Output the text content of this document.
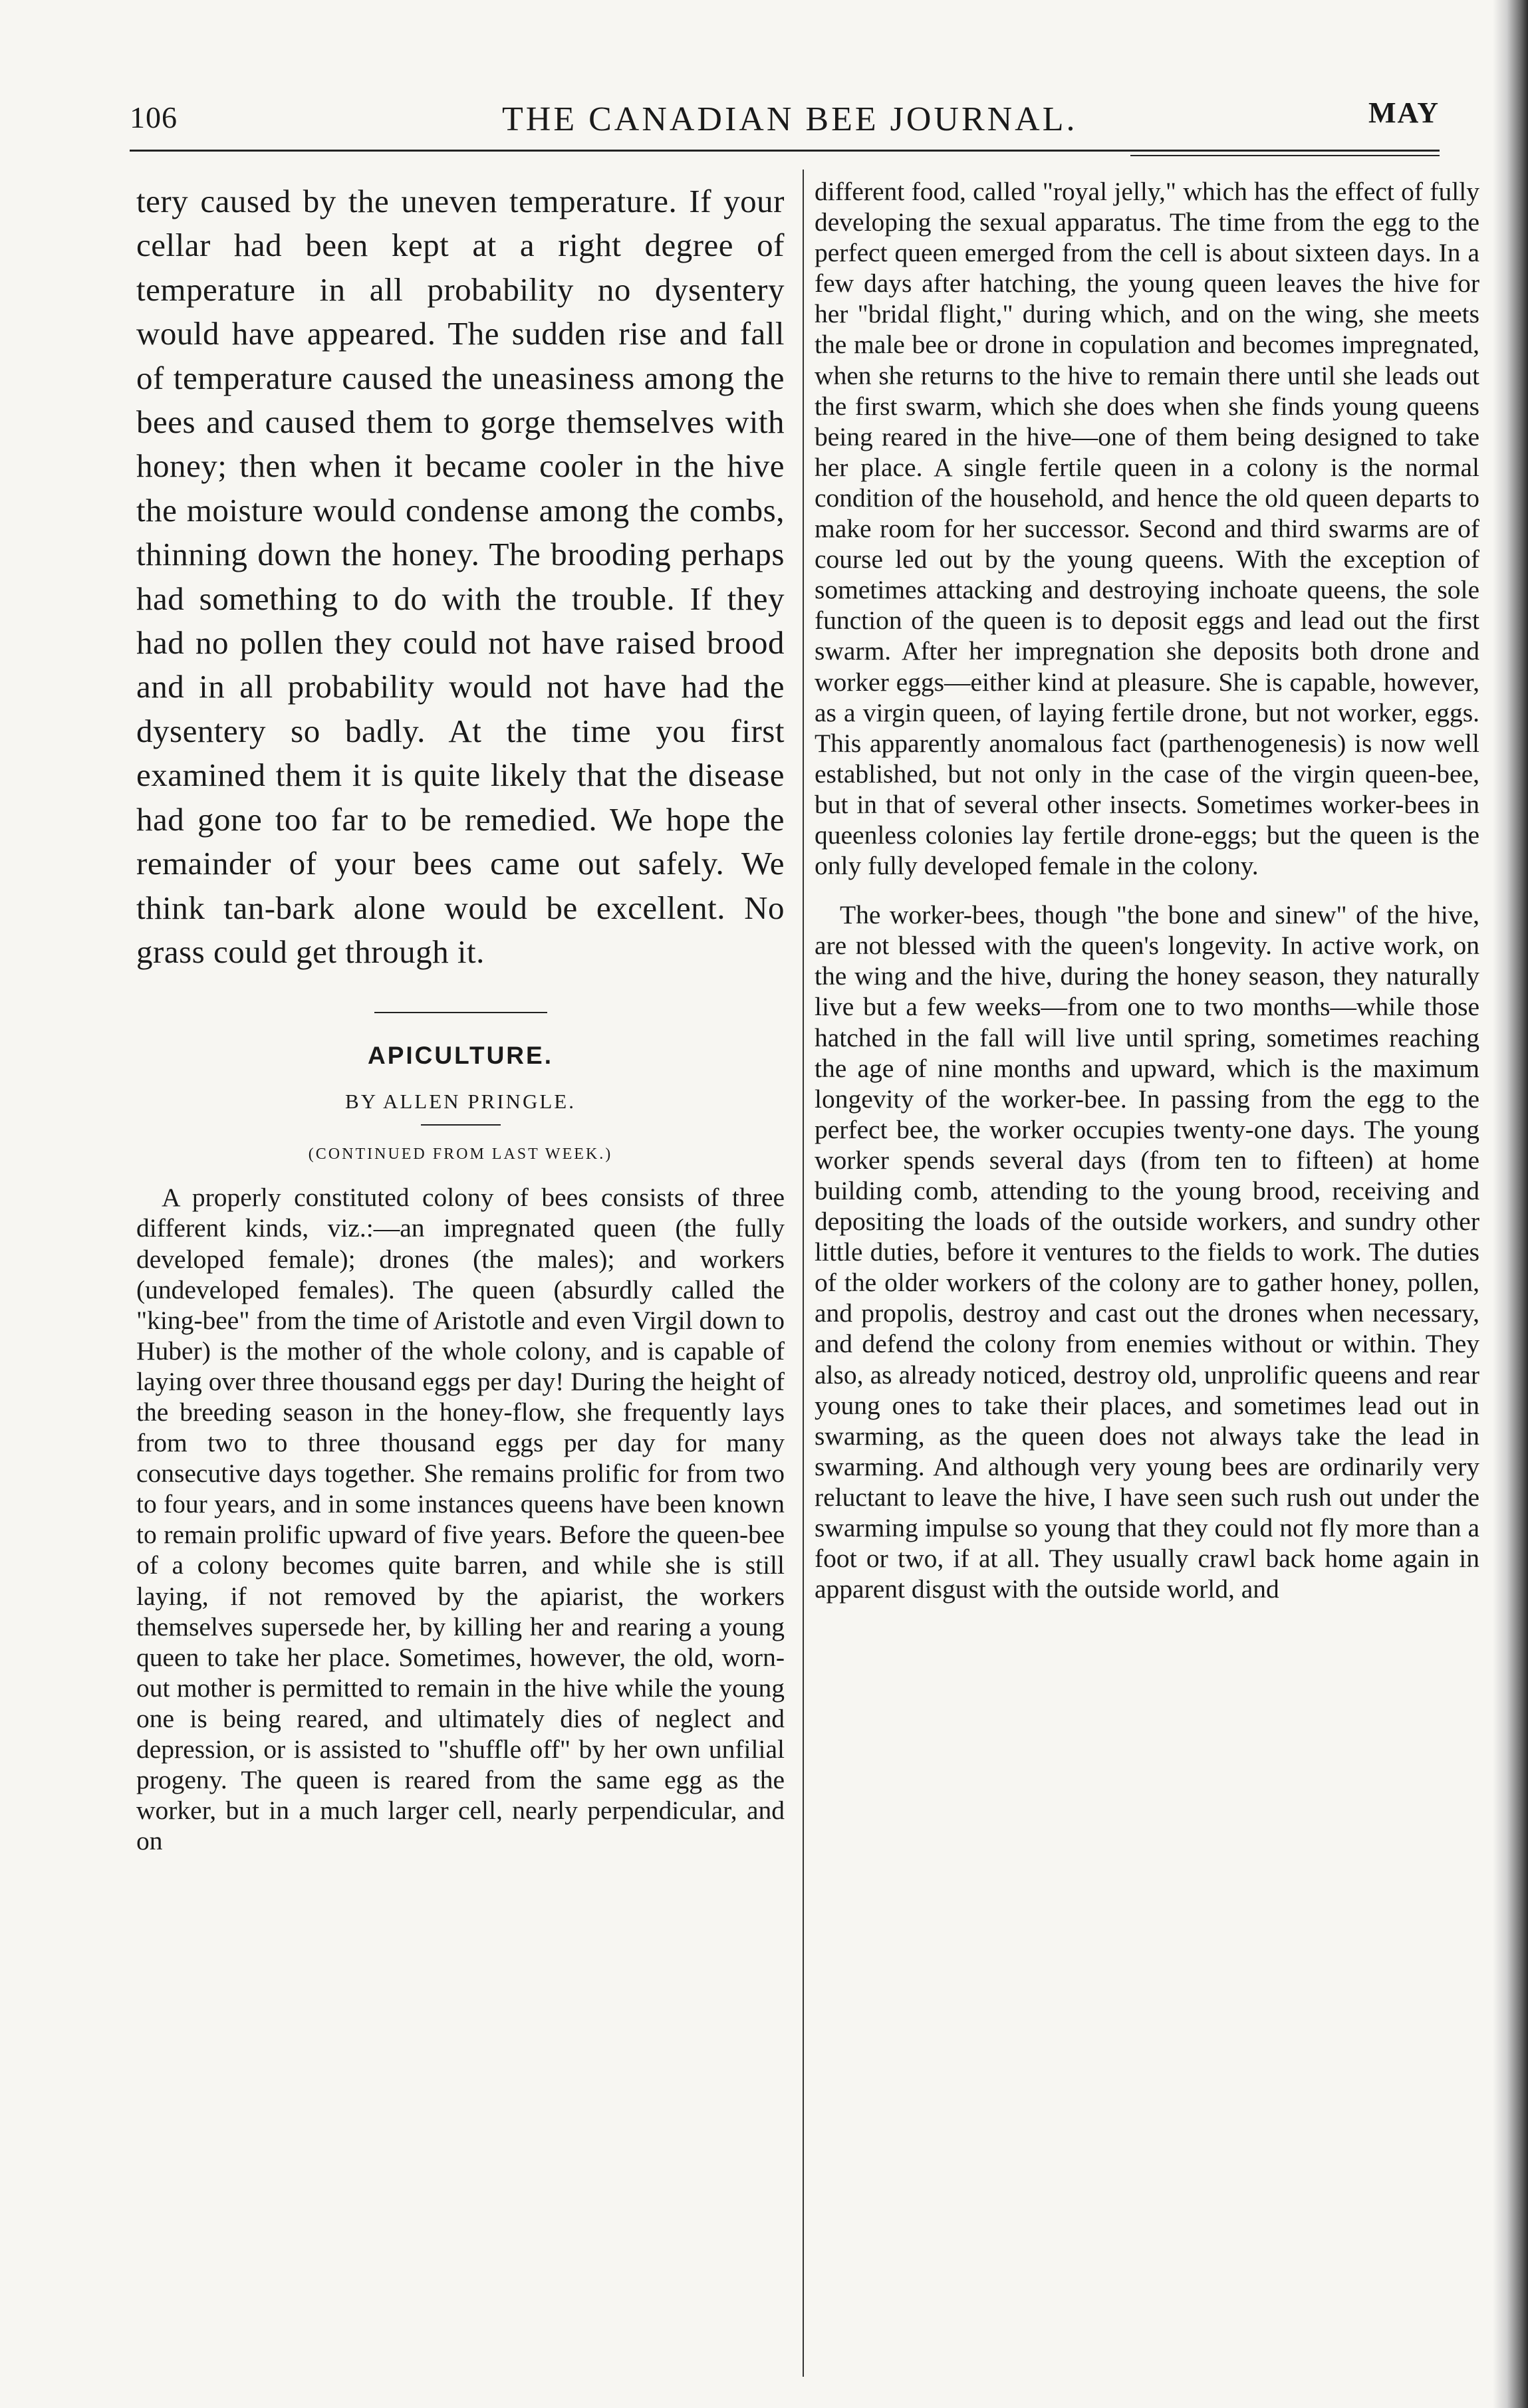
106	THE CANADIAN BEE JOURNAL.	MAY

tery caused by the uneven temperature. If your cellar had been kept at a right degree of temperature in all probability no dysentery would have appeared. The sudden rise and fall of temperature caused the uneasiness among the bees and caused them to gorge themselves with honey; then when it became cooler in the hive the moisture would condense among the combs, thinning down the honey. The brooding perhaps had something to do with the trouble. If they had no pollen they could not have raised brood and in all probability would not have had the dysentery so badly. At the time you first examined them it is quite likely that the disease had gone too far to be remedied. We hope the remainder of your bees came out safely. We think tan-bark alone would be excellent. No grass could get through it.

APICULTURE.
BY ALLEN PRINGLE.
(CONTINUED FROM LAST WEEK.)

A properly constituted colony of bees consists of three different kinds, viz.:—an impregnated queen (the fully developed female); drones (the males); and workers (undeveloped females). The queen (absurdly called the "king-bee" from the time of Aristotle and even Virgil down to Huber) is the mother of the whole colony, and is capable of laying over three thousand eggs per day! During the height of the breeding season in the honey-flow, she frequently lays from two to three thousand eggs per day for many consecutive days together. She remains prolific for from two to four years, and in some instances queens have been known to remain prolific upward of five years. Before the queen-bee of a colony becomes quite barren, and while she is still laying, if not removed by the apiarist, the workers themselves supersede her, by killing her and rearing a young queen to take her place. Sometimes, however, the old, worn-out mother is permitted to remain in the hive while the young one is being reared, and ultimately dies of neglect and depression, or is assisted to "shuffle off" by her own unfilial progeny. The queen is reared from the same egg as the worker, but in a much larger cell, nearly perpendicular, and on

different food, called "royal jelly," which has the effect of fully developing the sexual apparatus. The time from the egg to the perfect queen emerged from the cell is about sixteen days. In a few days after hatching, the young queen leaves the hive for her "bridal flight," during which, and on the wing, she meets the male bee or drone in copulation and becomes impregnated, when she returns to the hive to remain there until she leads out the first swarm, which she does when she finds young queens being reared in the hive—one of them being designed to take her place. A single fertile queen in a colony is the normal condition of the household, and hence the old queen departs to make room for her successor. Second and third swarms are of course led out by the young queens. With the exception of sometimes attacking and destroying inchoate queens, the sole function of the queen is to deposit eggs and lead out the first swarm. After her impregnation she deposits both drone and worker eggs—either kind at pleasure. She is capable, however, as a virgin queen, of laying fertile drone, but not worker, eggs. This apparently anomalous fact (parthenogenesis) is now well established, but not only in the case of the virgin queen-bee, but in that of several other insects. Sometimes worker-bees in queenless colonies lay fertile drone-eggs; but the queen is the only fully developed female in the colony.

The worker-bees, though "the bone and sinew" of the hive, are not blessed with the queen's longevity. In active work, on the wing and the hive, during the honey season, they naturally live but a few weeks—from one to two months—while those hatched in the fall will live until spring, sometimes reaching the age of nine months and upward, which is the maximum longevity of the worker-bee. In passing from the egg to the perfect bee, the worker occupies twenty-one days. The young worker spends several days (from ten to fifteen) at home building comb, attending to the young brood, receiving and depositing the loads of the outside workers, and sundry other little duties, before it ventures to the fields to work. The duties of the older workers of the colony are to gather honey, pollen, and propolis, destroy and cast out the drones when necessary, and defend the colony from enemies without or within. They also, as already noticed, destroy old, unprolific queens and rear young ones to take their places, and sometimes lead out in swarming, as the queen does not always take the lead in swarming. And although very young bees are ordinarily very reluctant to leave the hive, I have seen such rush out under the swarming impulse so young that they could not fly more than a foot or two, if at all. They usually crawl back home again in apparent disgust with the outside world, and
